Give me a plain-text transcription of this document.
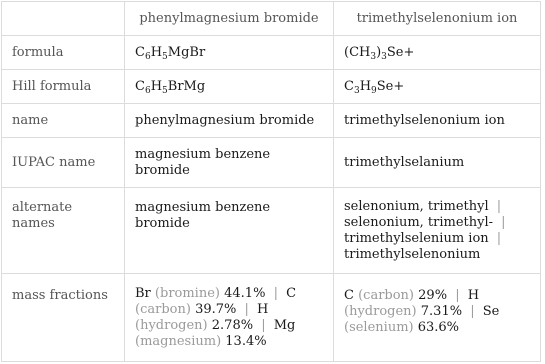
	phenylmagnesium bromide	trimethylselenonium ion
formula	$C_6H_5MgBr$	$(CH_3)_3Se+$
Hill formula	$C_6H_5BrMg$	$C_3H_9Se+$
name	phenylmagnesium bromide	trimethylselenonium ion
IUPAC name	magnesium benzene bromide	trimethylselanium
alternate names	magnesium benzene bromide	selenonium, trimethyl | selenonium, trimethyl- | trimethylselenium ion | trimethylselenonium
mass fractions	Br (bromine) 44.1% | C (carbon) 39.7% | H (hydrogen) 2.78% | Mg (magnesium) 13.4%	C (carbon) 29% | H (hydrogen) 7.31% | Se (selenium) 63.6%
